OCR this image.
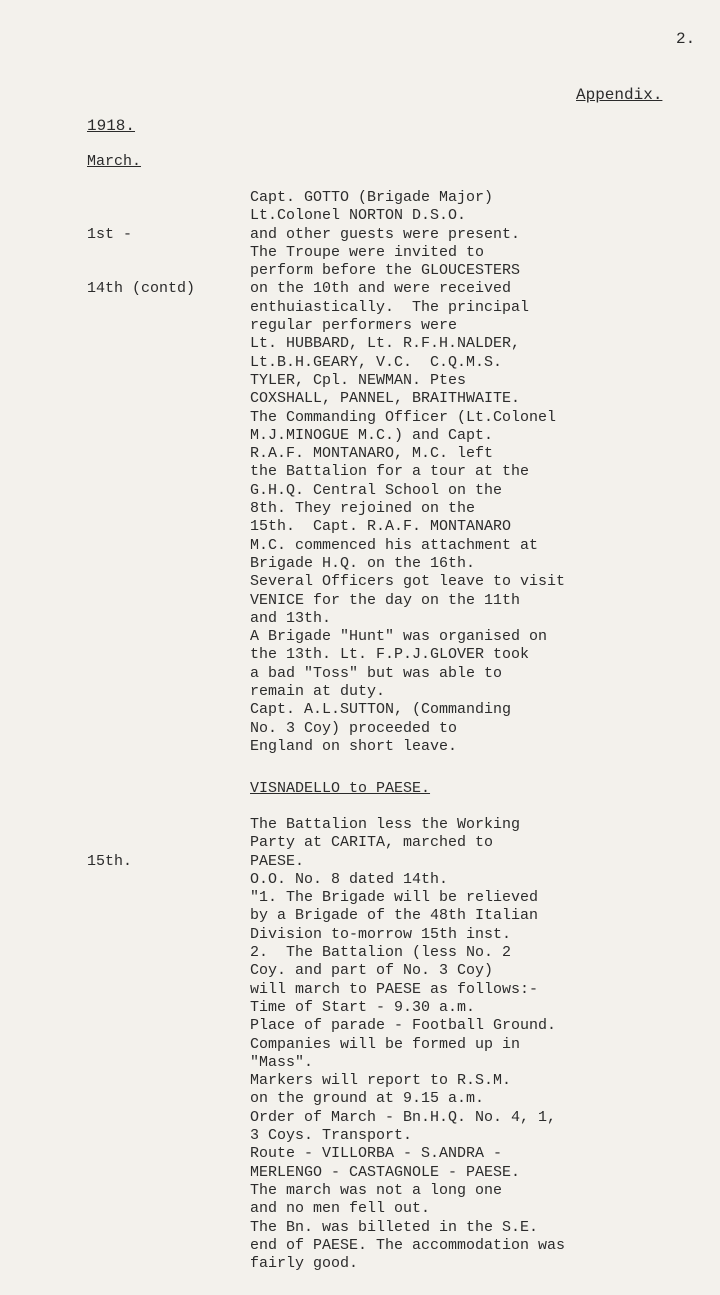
2.
Appendix.
1918.
March.

1st -

14th (contd)

Capt. GOTTO (Brigade Major)
Lt.Colonel NORTON D.S.O.
and other guests were present.
The Troupe were invited to
perform before the GLOUCESTERS
on the 10th and were received
enthuiastically.  The principal
regular performers were
Lt. HUBBARD, Lt. R.F.H.NALDER,
Lt.B.H.GEARY, V.C.  C.Q.M.S.
TYLER, Cpl. NEWMAN. Ptes
COXSHALL, PANNEL, BRAITHWAITE.
The Commanding Officer (Lt.Colonel
M.J.MINOGUE M.C.) and Capt.
R.A.F. MONTANARO, M.C. left
the Battalion for a tour at the
G.H.Q. Central School on the
8th. They rejoined on the
15th.  Capt. R.A.F. MONTANARO
M.C. commenced his attachment at
Brigade H.Q. on the 16th.
Several Officers got leave to visit
VENICE for the day on the 11th
and 13th.
A Brigade "Hunt" was organised on
the 13th. Lt. F.P.J.GLOVER took
a bad "Toss" but was able to
remain at duty.
Capt. A.L.SUTTON, (Commanding
No. 3 Coy) proceeded to
England on short leave.
VISNADELLO to PAESE.

15th.

The Battalion less the Working
Party at CARITA, marched to
PAESE.
O.O. No. 8 dated 14th.
"1. The Brigade will be relieved
by a Brigade of the 48th Italian
Division to-morrow 15th inst.
2.  The Battalion (less No. 2
Coy. and part of No. 3 Coy)
will march to PAESE as follows:-
Time of Start - 9.30 a.m.
Place of parade - Football Ground.
Companies will be formed up in
"Mass".
Markers will report to R.S.M.
on the ground at 9.15 a.m.
Order of March - Bn.H.Q. No. 4, 1,
3 Coys. Transport.
Route - VILLORBA - S.ANDRA -
MERLENGO - CASTAGNOLE - PAESE.
The march was not a long one
and no men fell out.
The Bn. was billeted in the S.E.
end of PAESE. The accommodation was
fairly good.
